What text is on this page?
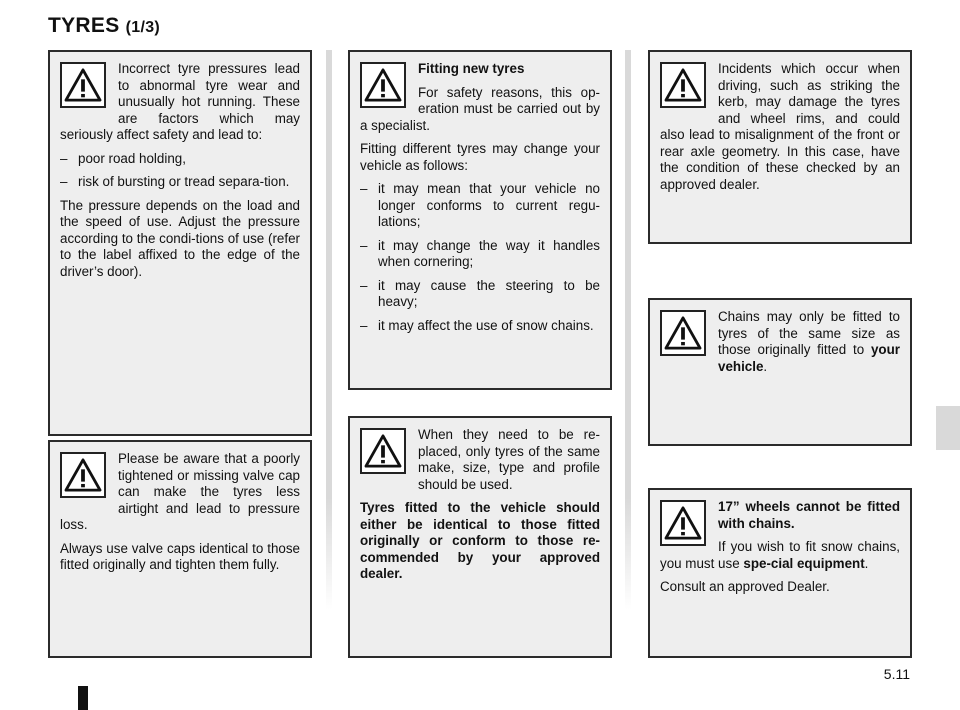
TYRES (1/3)

Incorrect tyre pressures lead to abnormal tyre wear and unusually hot running. These are factors which may seriously affect safety and lead to:

– poor road holding,
– risk of bursting or tread separa-tion.

The pressure depends on the load and the speed of use. Adjust the pressure according to the condi-tions of use (refer to the label affixed to the edge of the driver’s door).

Please be aware that a poorly tightened or missing valve cap can make the tyres less airtight and lead to pressure loss.

Always use valve caps identical to those fitted originally and tighten them fully.

Fitting new tyres

For safety reasons, this op-eration must be carried out by a specialist.

Fitting different tyres may change your vehicle as follows:

– it may mean that your vehicle no longer conforms to current regu-lations;
– it may change the way it handles when cornering;
– it may cause the steering to be heavy;
– it may affect the use of snow chains.

When they need to be re-placed, only tyres of the same make, size, type and profile should be used.

Tyres fitted to the vehicle should either be identical to those fitted originally or conform to those re-commended by your approved dealer.

Incidents which occur when driving, such as striking the kerb, may damage the tyres and wheel rims, and could also lead to misalignment of the front or rear axle geometry. In this case, have the condition of these checked by an approved dealer.

Chains may only be fitted to tyres of the same size as those originally fitted to your vehicle.

17” wheels cannot be fitted with chains.

If you wish to fit snow chains, you must use spe-cial equipment.

Consult an approved Dealer.

5.11
